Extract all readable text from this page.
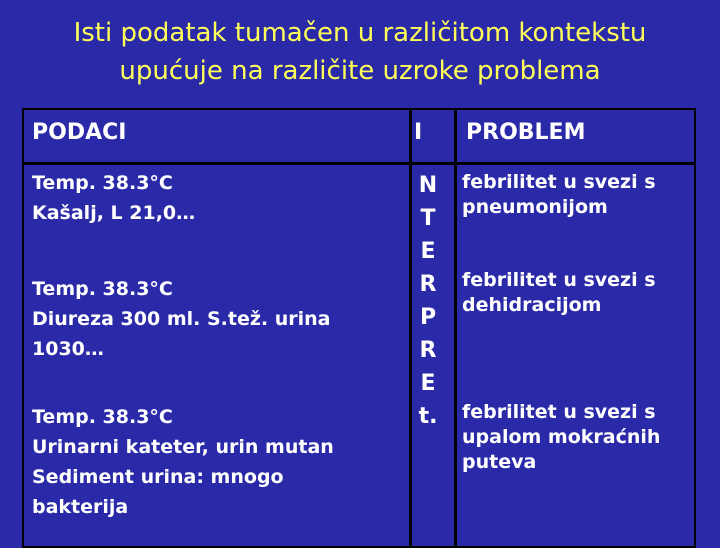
Isti podatak tumačen u različitom kontekstu
upućuje na različite uzroke problema
PODACI	I PROBLEM
Temp. 38.3°C
Kašalj, L 21,0…
Temp. 38.3°C
Diureza 300 ml. S.tež. urina
1030…
Temp. 38.3°C
Urinarni kateter, urin mutan
Sediment urina: mnogo
bakterija
N
T
E
R
P
R
E
t.
febrilitet u svezi s
pneumonijom
febrilitet u svezi s
dehidracijom
febrilitet u svezi s
upalom mokraćnih
puteva
